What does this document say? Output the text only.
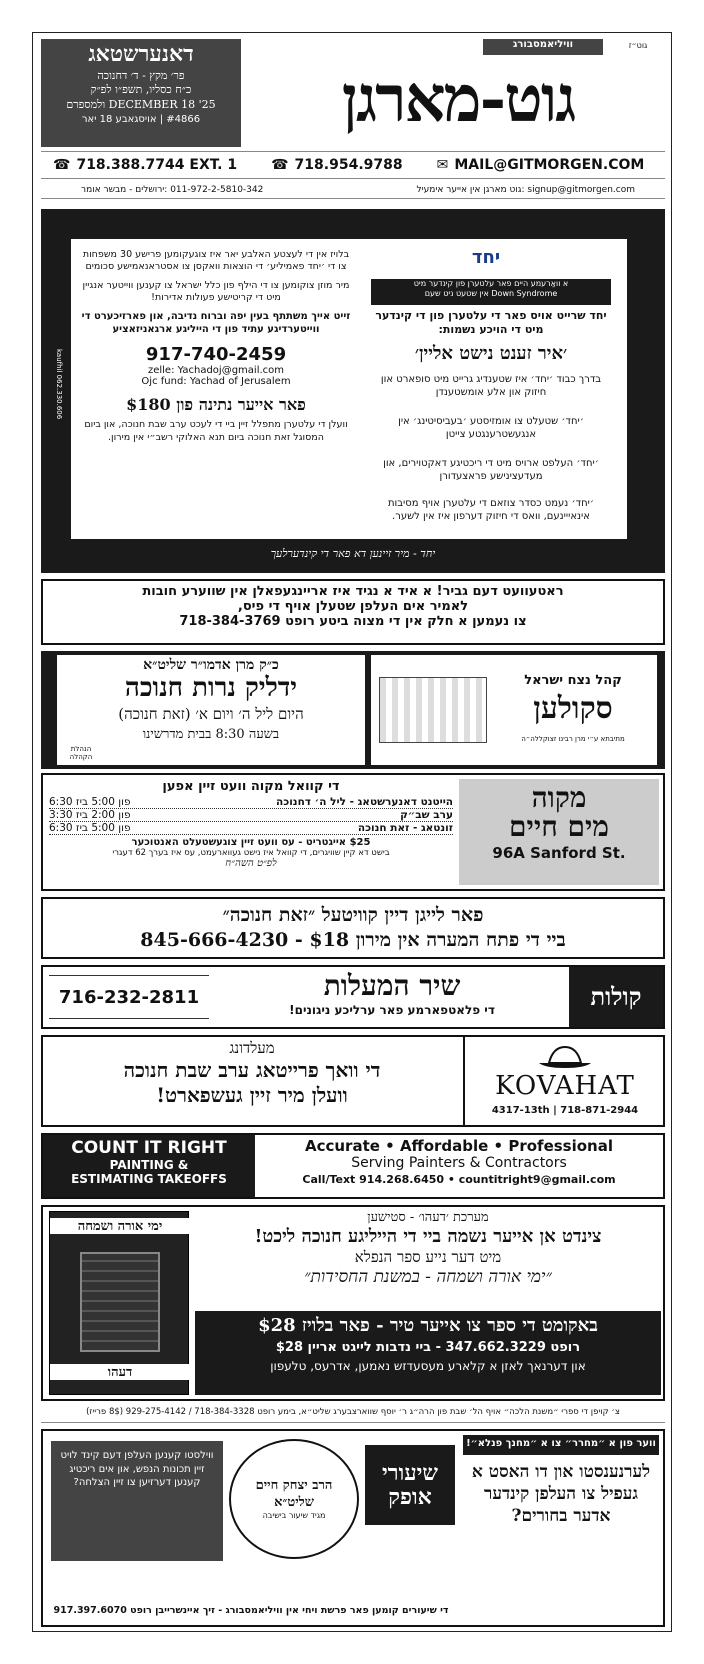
דאנערשטאג
פר׳ מקץ - ד׳ דחנוכה
כ״ח כסליו, תשפ״ו לפ״ק
DECEMBER 18 '25 ולמספרם
#4866 | אויסגאבע 18 יאר
וויליאמסבורג	גוט״ז
גוט-מארגן
☎ 718.388.7744 EXT. 1 ☎ 718.954.9788 ✉ MAIL@GITMORGEN.COM
011-972-2-5810-342 :ירושלים - מבשר אומר	signup@gitmorgen.com :גוט מארגן אין אייער אימעיל
יחד
א וואַרעמע היים פאר עלטערן פון קינדער מיט
Down Syndrome אין שטעט ניט שעם
יחד שרייט אויס פאר די עלטערן פון די קינדער מיט די הויכע נשמות:
׳איר זענט נישט אליין׳
בדרך כבוד ׳יחד׳ איז שטענדיג גרייט מיט סופארט און חיזוק און אלע אומשטענדן
׳יחד׳ שטעלט צו אומזיסטע ׳בעביסיטינג׳ אין אנגעשטרענגטע צייטן
׳יחד׳ העלפט ארויס מיט די ריכטיגע דאקטוירים, און מעדעצינישע פראצעדורן
׳יחד׳ נעמט כסדר צוזאם די עלטערן אויף מסיבות אינאייינעם, וואס די חיזוק דערפון איז אין לשער.
בלויז אין די לעצטע האלבע יאר איז צוגעקומען פרישע 30 משפחות צו די ׳יחד פאמיליע׳ די הוצאות וואקסן צו אסטראנאמישע סכומים
מיר מוזן צוקומען צו די הילף פון כלל ישראל צו קענען ווייטער אנגיין מיט די קריטישע פעולות אדירות!
זייט אייך משתתף בעין יפה וברוח נדיבה, און פארזיכערט די ווייטערדיגע עתיד פון די הייליגע ארגאניזאציע
917-740-2459
zelle: Yachadoj@gmail.com
Ojc fund: Yachad of Jerusalem
פאר אייער נתינה פון $180
וועלן די עלטערן מתפלל זיין ביי די לעכט ערב שבת חנוכה, און ביום המסוגל זאת חנוכה ביום תנא האלוקי רשב״י אין מירון.
kaufhil 062.330.606
יחד - מיר זיינען דא פאר די קינדערלעך
ראטעוועט דעם גביר! א איד א נגיד איז אריינגעפאלן אין שווערע חובות
לאמיר אים העלפן שטעלן אויף די פיס,
צו נעמען א חלק אין די מצוה ביטע רופט 718-384-3769
כ״ק מרן אדמו״ר שליט״א
ידליק נרות חנוכה
היום ליל ה׳ ויום א׳ (זאת חנוכה)
בשעה 8:30 בבית מדרשינו
הנהלת הקהלה
קהל נצח ישראל
סקולען
מתיבתא ע״י מרן רבינו זצוקללה״ה
מקוה
מים חיים
96A Sanford St.
די קוואל מקוה וועט זיין אפען
פון 5:00 ביז 6:30	הייטנט דאנערשטאג - ליל ה׳ דחנוכה
פון 2:00 ביז 3:30	ערב שב״ק
פון 5:00 ביז 6:30	זונטאג - זאת חנוכה
$25 אייגטריט - עס וועט זיין צוגעשטעלט האנטוכער
בישט דא קיין שוויגרים, די קוואל איז נישט געווארעמט, עס איז בערך 62 דעגרי
לפ״ט השה״ח
פאר לייגן דיין קוויטעל ״זאת חנוכה״
ביי די פתח המערה אין מירון $18 - 845-666-4230
קולות
שיר המעלות
די פלאטפארמע פאר ערליכע ניגונים!
716-232-2811
מעלדונג
די וואך פרייטאג ערב שבת חנוכה
וועלן מיר זיין געשפארט!	KOVAHAT
4317-13th | 718-871-2944
COUNT IT RIGHT
PAINTING &
ESTIMATING TAKEOFFS
Accurate • Affordable • Professional
Serving Painters & Contractors
Call/Text 914.268.6450 • countitright9@gmail.com
ימי אורה ושמחה
דעהו
מערכת ׳דעהו׳ - סטישען
צינדט אן אייער נשמה ביי די הייליגע חנוכה ליכט!
מיט דער נייע ספר הנפלא
״ימי אורה ושמחה - במשנת החסידות״
באקומט די ספר צו אייער טיר - פאר בלויז $28
רופט 347.662.3229 - ביי נדבות לייגט אריין $28
און דערנאך לאזן א קלארע מעסעדזש נאמען, אדרעס, טלעפון
צ׳ קויפן די ספרי ״משנת הלכה״ אויף הל׳ שבת פון הרה״ג ר׳ יוסף שווארצבערג שליט״א, בימע רופט 718-384-3328 / 929-275-4142 (8$ פרייז)
ווער פון א ״מחרר״ צו א ״מחנך פנלא״!
לערנענסטו און דו האסט א געפיל צו העלפן קינדער אדער בחורים?
שיעורי אופק
הרב יצחק חיים שליט״א
מגיד שיעור בישיבה
ווילסטו קענען העלפן דעם קינד לויט זיין תכונות הנפש, און אים ריכטיג קענען דערזיען צו זיין הצלחה?
די שיעורים קומען פאר פרשת ויחי אין וויליאמסבורג - זיך איינשרייבן רופט 917.397.6070
